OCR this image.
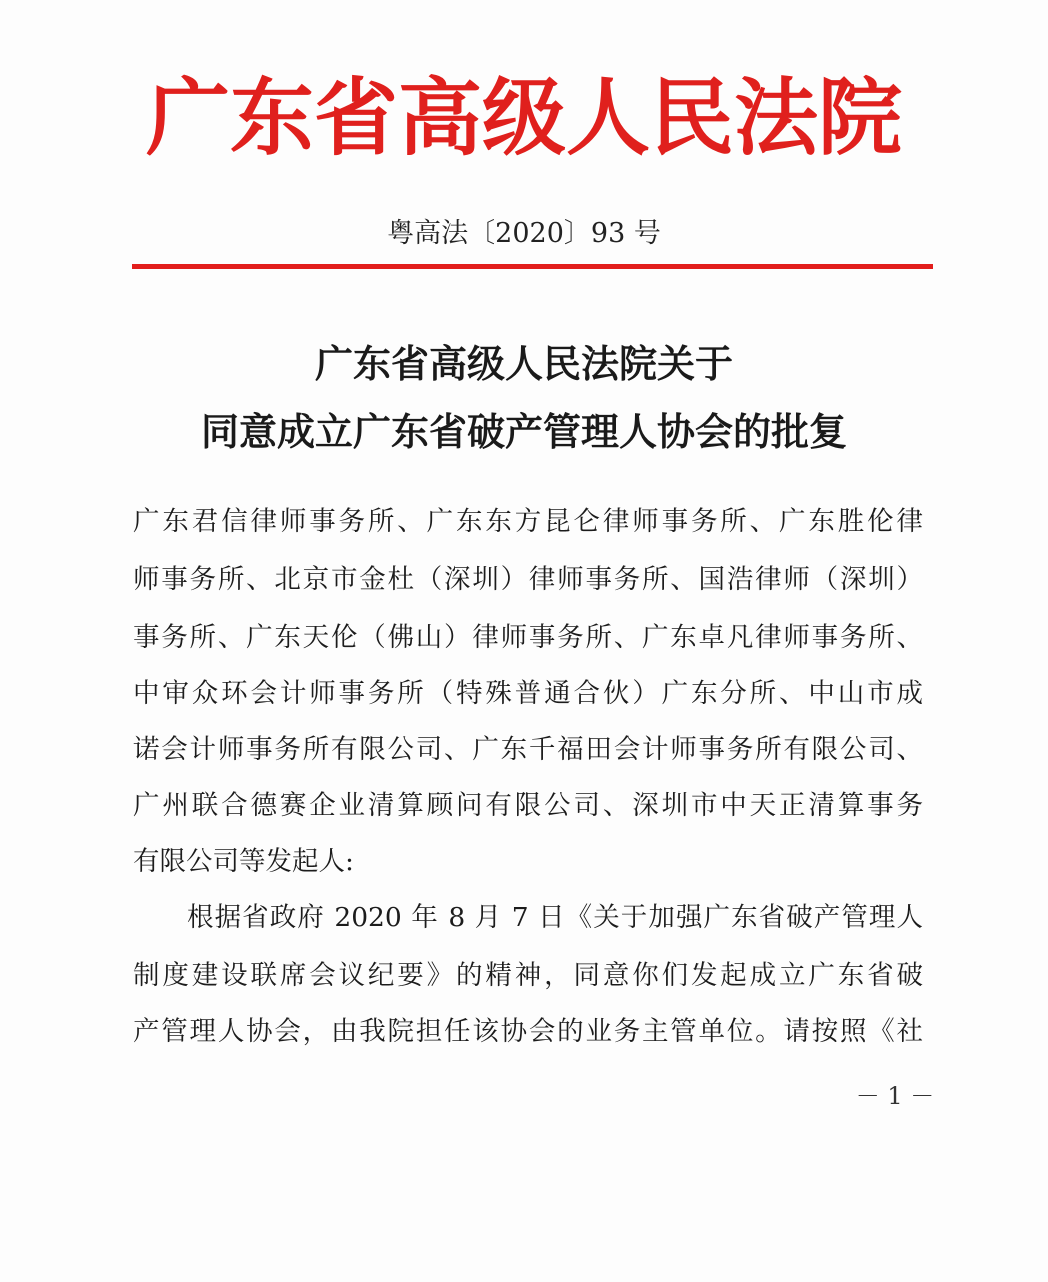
广东省高级人民法院
粤高法〔2020〕93 号
广东省高级人民法院关于
同意成立广东省破产管理人协会的批复
广东君信律师事务所、广东东方昆仑律师事务所、广东胜伦律
师事务所、北京市金杜（深圳）律师事务所、国浩律师（深圳）
事务所、广东天伦（佛山）律师事务所、广东卓凡律师事务所、
中审众环会计师事务所（特殊普通合伙）广东分所、中山市成
诺会计师事务所有限公司、广东千福田会计师事务所有限公司、
广州联合德赛企业清算顾问有限公司、深圳市中天正清算事务
有限公司等发起人:
根据省政府 2020 年 8 月 7 日《关于加强广东省破产管理人
制度建设联席会议纪要》的精神，同意你们发起成立广东省破
产管理人协会，由我院担任该协会的业务主管单位。请按照《社
－ 1 －
